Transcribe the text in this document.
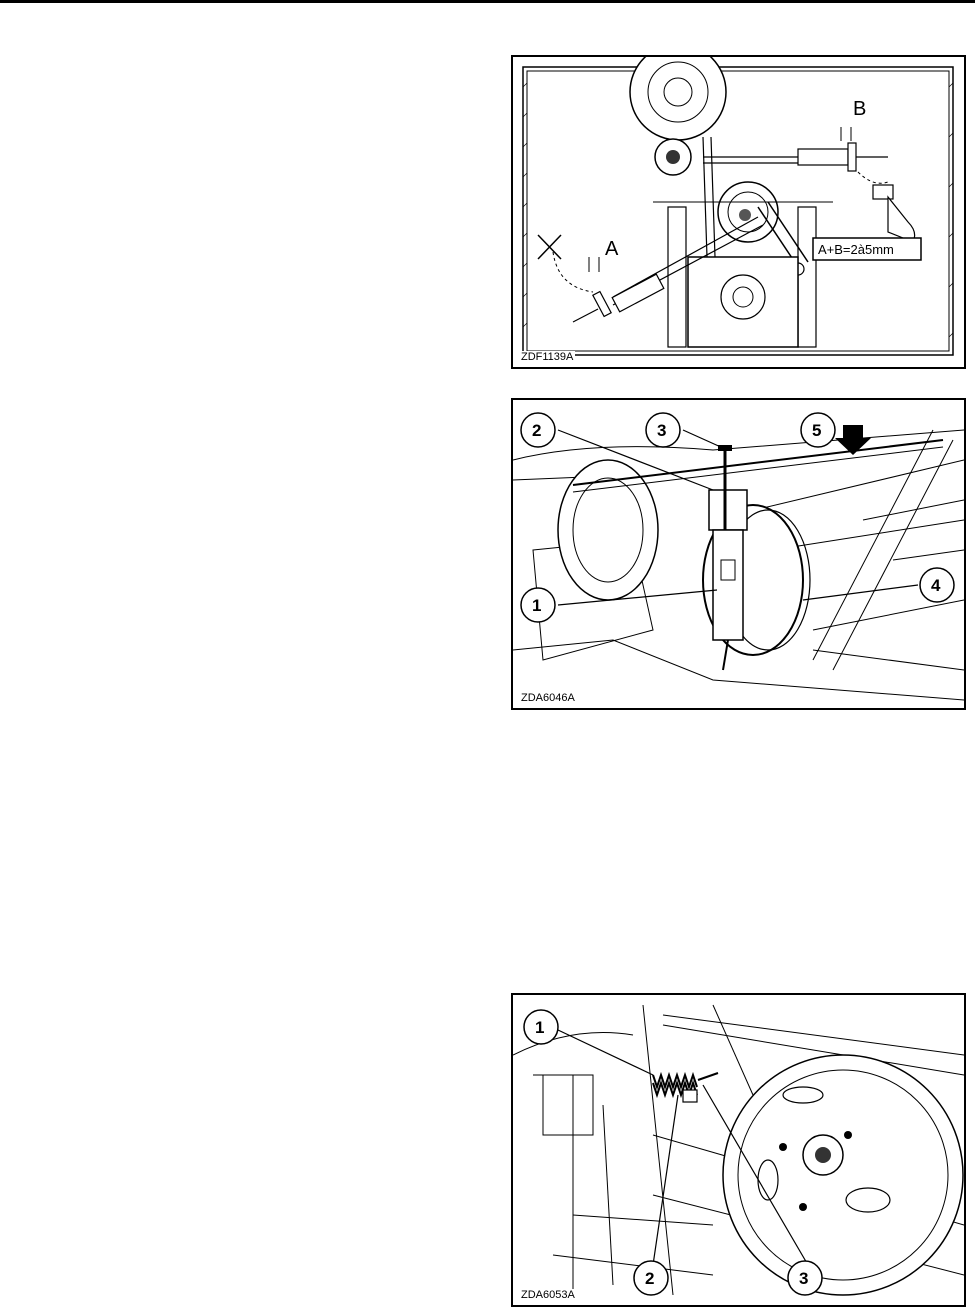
B
A	A+B=2à5mm
ZDF1139A
2	3	5
1
4
ZDA6046A
1
2	3
ZDA6053A
